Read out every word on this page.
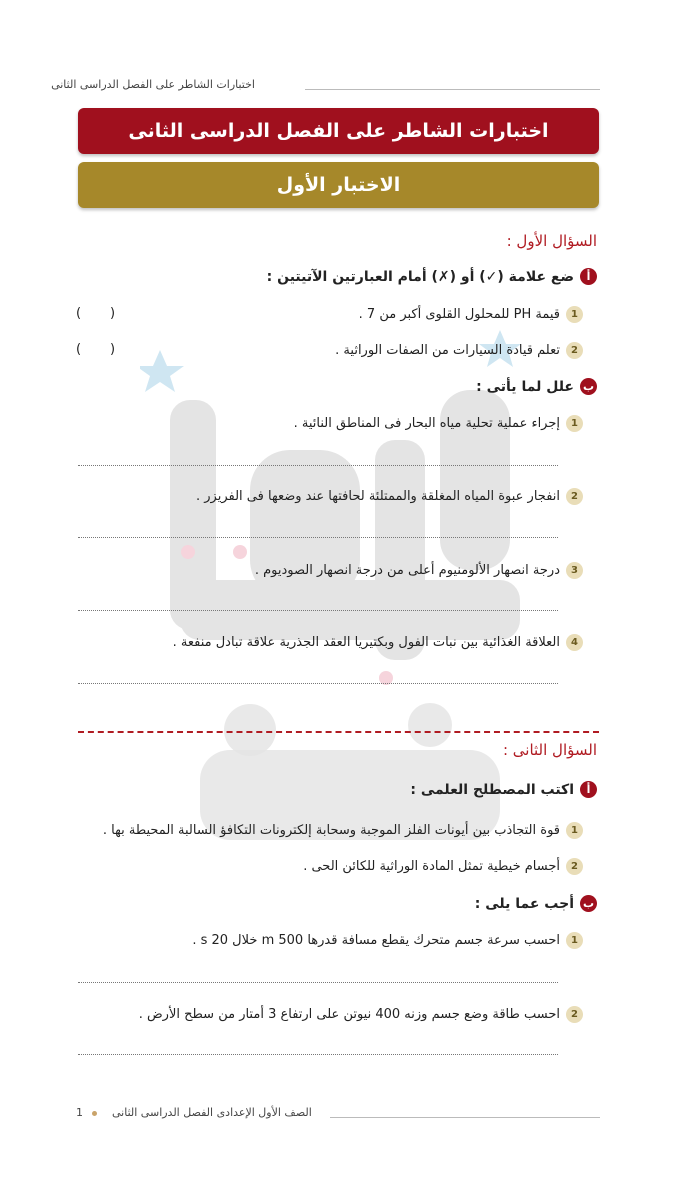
اختبارات الشاطر على الفصل الدراسى الثانى
اختبارات الشاطر على الفصل الدراسى الثانى
الاختبار الأول
السؤال الأول :
أ
ضع علامة (✓) أو (✗) أمام العبارتين الآتيتين :
1
قيمة PH للمحلول القلوى أكبر من 7 .
(       )
2
تعلم قيادة السيارات من الصفات الوراثية .
(       )
ب
علل لما يأتى :
1
إجراء عملية تحلية مياه البحار فى المناطق النائية .
2
انفجار عبوة المياه المغلقة والممتلئة لحافتها عند وضعها فى الفريزر .
3
درجة انصهار الألومنيوم أعلى من درجة انصهار الصوديوم .
4
العلاقة الغذائية بين نبات الفول وبكتيريا العقد الجذرية علاقة تبادل منفعة .
السؤال الثانى :
أ
اكتب المصطلح العلمى :
1
قوة التجاذب بين أيونات الفلز الموجبة وسحابة إلكترونات التكافؤ السالبة المحيطة بها .
2
أجسام خيطية تمثل المادة الوراثية للكائن الحى .
ب
أجب عما يلى :
1
احسب سرعة جسم متحرك يقطع مسافة قدرها 500 m خلال 20 s .
2
احسب طاقة وضع جسم وزنه 400 نيوتن على ارتفاع 3 أمتار من سطح الأرض .
الصف الأول الإعدادى الفصل الدراسى الثانى
1
